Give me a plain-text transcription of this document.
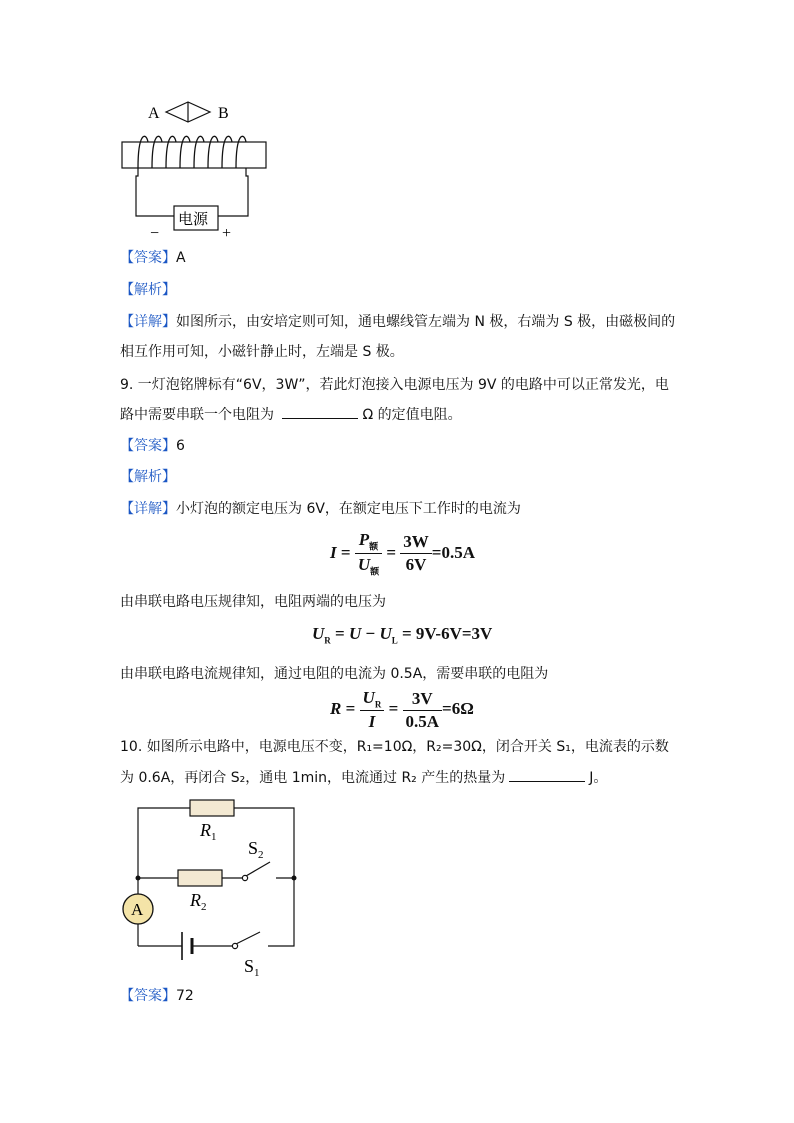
A	B
电源
−	+
【答案】A
【解析】
【详解】如图所示，由安培定则可知，通电螺线管左端为 N 极，右端为 S 极，由磁极间的
相互作用可知，小磁针静止时，左端是 S 极。
9. 一灯泡铭牌标有“6V，3W”，若此灯泡接入电源电压为 9V 的电路中可以正常发光，电
路中需要串联一个电阻为	Ω 的定值电阻。
【答案】6
【解析】
【详解】小灯泡的额定电压为 6V，在额定电压下工作时的电流为
$I = \frac{P_额}{U_额} = \frac{3W}{6V} =0.5A$
由串联电路电压规律知，电阻两端的电压为
$U_R = U - U_L = 9V-6V=3V$
由串联电路电流规律知，通过电阻的电流为 0.5A，需要串联的电阻为
$R = \frac{U_R}{I} = \frac{3V}{0.5A} =6\Omega$
10. 如图所示电路中，电源电压不变，R₁=10Ω，R₂=30Ω，闭合开关 S₁，电流表的示数
为 0.6A，再闭合 S₂，通电 1min，电流通过 R₂ 产生的热量为	J。
A
$R_1$
$R_2$
$S_2$
$S_1$
【答案】72
